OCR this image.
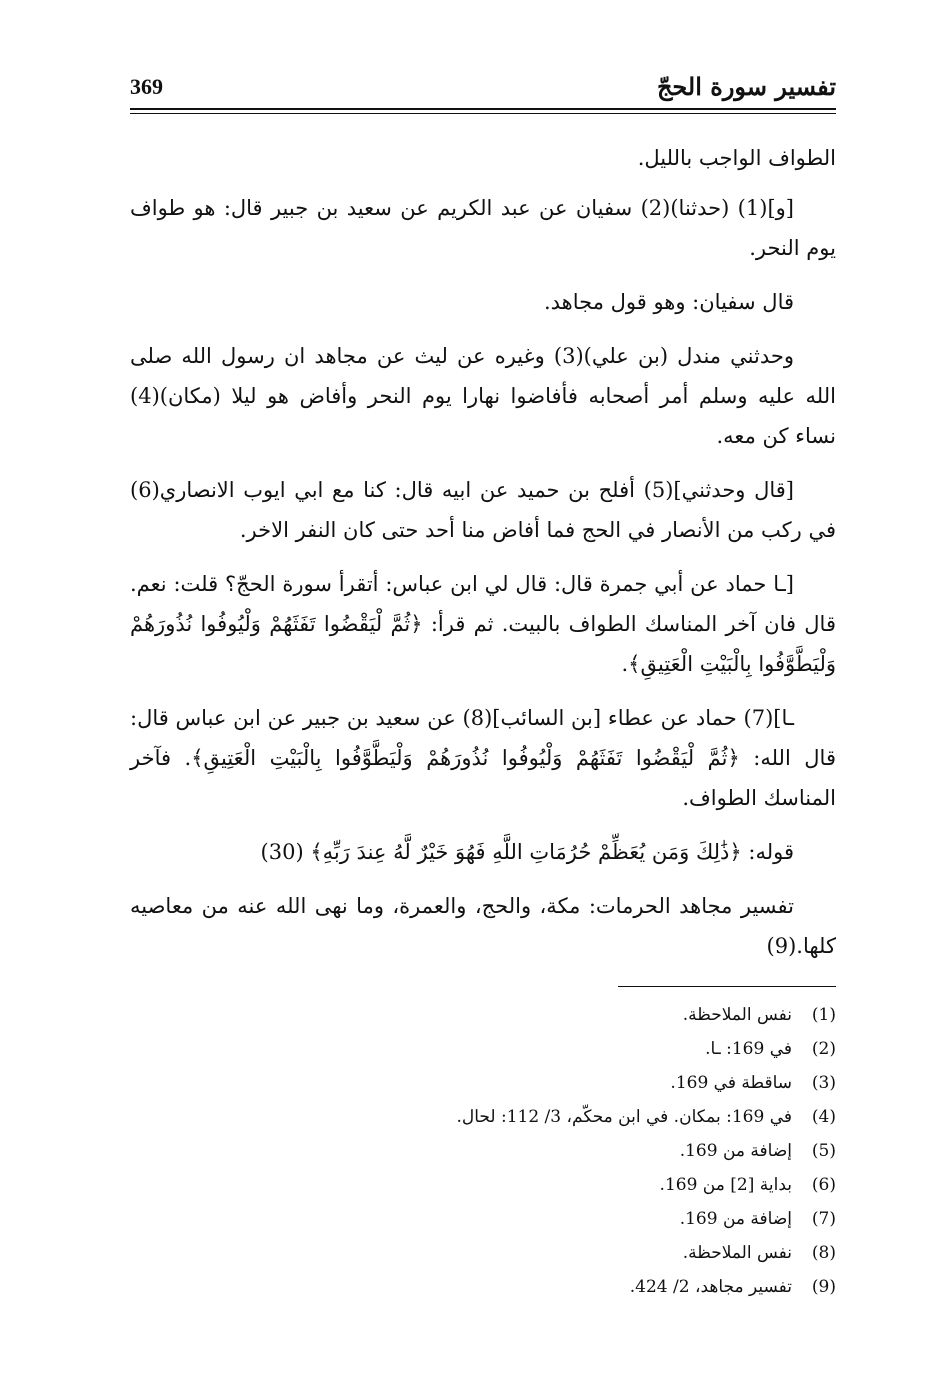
369	تفسير سورة الحجّ

الطواف الواجب بالليل.

[و](1) (حدثنا)(2) سفيان عن عبد الكريم عن سعيد بن جبير قال: هو طواف يوم النحر.

قال سفيان: وهو قول مجاهد.

وحدثني مندل (بن علي)(3) وغيره عن ليث عن مجاهد ان رسول الله صلى الله عليه وسلم أمر أصحابه فأفاضوا نهارا يوم النحر وأفاض هو ليلا (مكان)(4) نساء كن معه.

[قال وحدثني](5) أفلح بن حميد عن ابيه قال: كنا مع ابي ايوب الانصاري(6) في ركب من الأنصار في الحج فما أفاض منا أحد حتى كان النفر الاخر.

[ـا حماد عن أبي جمرة قال: قال لي ابن عباس: أتقرأ سورة الحجّ؟ قلت: نعم. قال فان آخر المناسك الطواف بالبيت. ثم قرأ: ﴿ثُمَّ لْيَقْضُوا تَفَثَهُمْ وَلْيُوفُوا نُذُورَهُمْ وَلْيَطَّوَّفُوا بِالْبَيْتِ الْعَتِيقِ﴾.

ـا](7) حماد عن عطاء [بن السائب](8) عن سعيد بن جبير عن ابن عباس قال: قال الله: ﴿ثُمَّ لْيَقْضُوا تَفَثَهُمْ وَلْيُوفُوا نُذُورَهُمْ وَلْيَطَّوَّفُوا بِالْبَيْتِ الْعَتِيقِ﴾. فآخر المناسك الطواف.

قوله: ﴿ذَٰلِكَ وَمَن يُعَظِّمْ حُرُمَاتِ اللَّهِ فَهُوَ خَيْرٌ لَّهُ عِندَ رَبِّهِ﴾ (30)

تفسير مجاهد الحرمات: مكة، والحج، والعمرة، وما نهى الله عنه من معاصيه كلها.(9)

(1)
نفس الملاحظة.
(2)
في 169: ـا.
(3)
ساقطة في 169.
(4)
في 169: بمكان. في ابن محكّم، 3/ 112: لحال.
(5)
إضافة من 169.
(6)
بداية [2] من 169.
(7)
إضافة من 169.
(8)
نفس الملاحظة.
(9)
تفسير مجاهد، 2/ 424.
